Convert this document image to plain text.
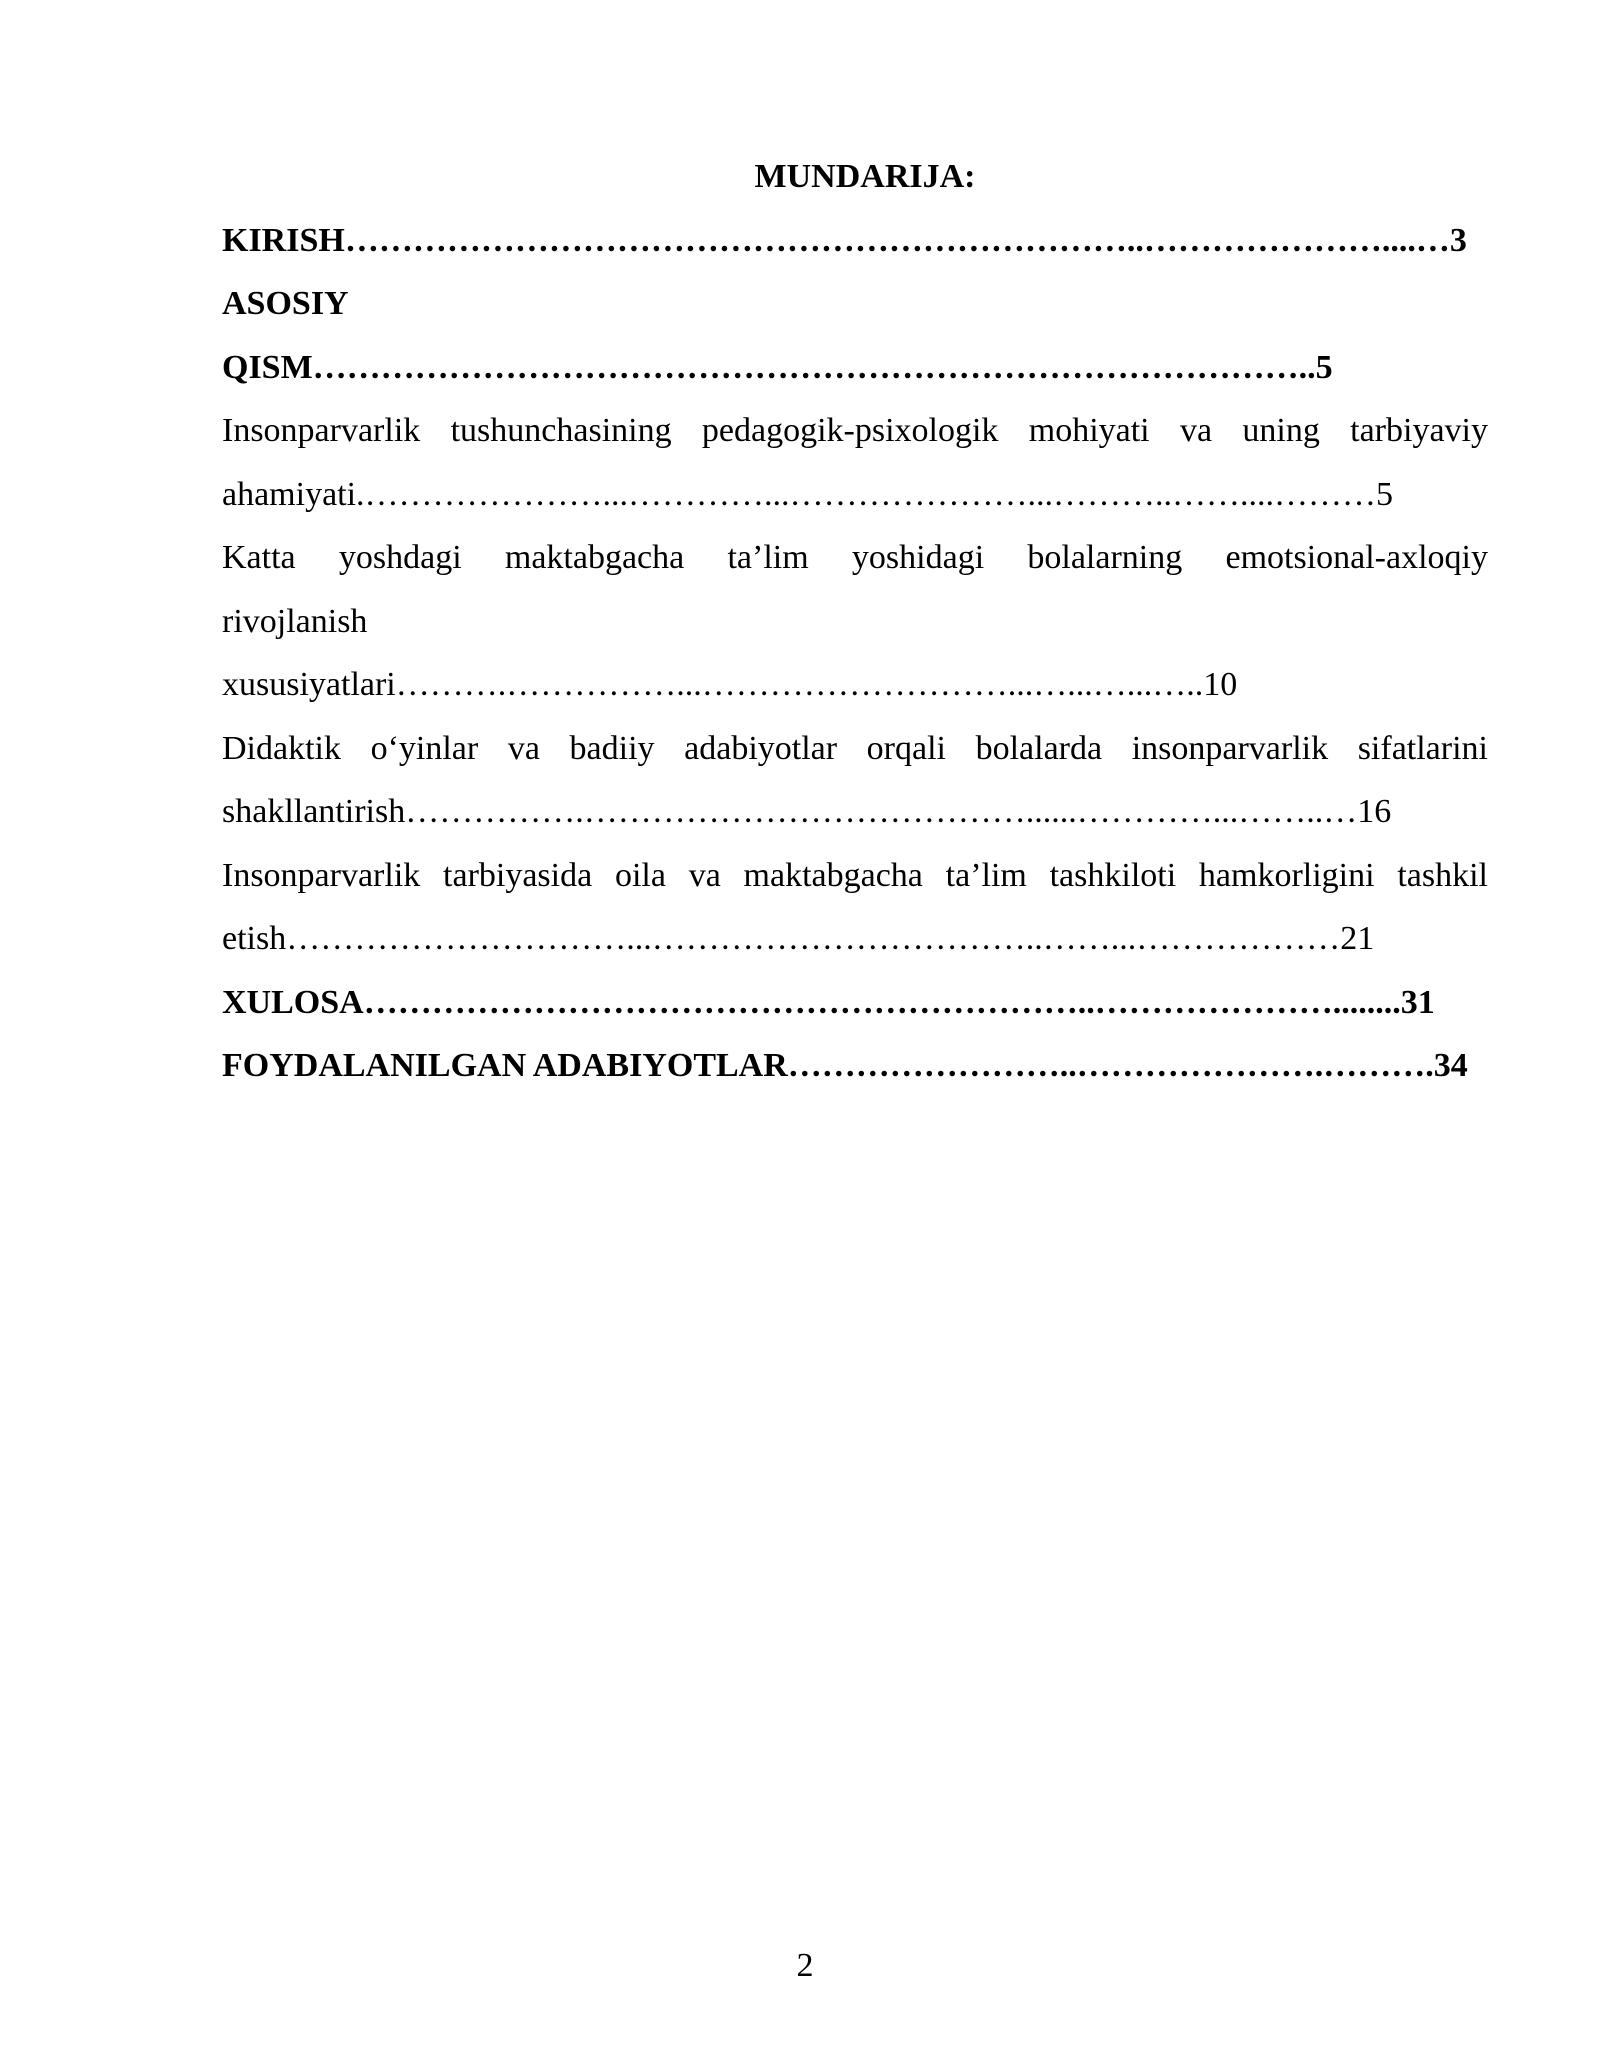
MUNDARIJA:
KIRISH……………………………………………………………..…………………....…3
ASOSIY
QISM……………………………………………………………………………..5
Insonparvarlik tushunchasining pedagogik-psixologik mohiyati va uning tarbiyaviy
ahamiyati.…………………...…………...…………………...………..……....………5
Katta yoshdagi maktabgacha ta’lim yoshidagi bolalarning emotsional-axloqiy
rivojlanish
xususiyatlari……….……………...………………………...…...…...…..10
Didaktik o‘yinlar va badiiy adabiyotlar orqali bolalarda insonparvarlik sifatlarini
shakllantirish…………….…………………………………......…………...……..…16
Insonparvarlik tarbiyasida oila va maktabgacha ta’lim tashkiloti hamkorligini tashkil
etish…………………………...……………………………..……...………………21
XULOSA………………………………………………………..…………………........31
FOYDALANILGAN ADABIYOTLAR……………………..………………….……….34
2
